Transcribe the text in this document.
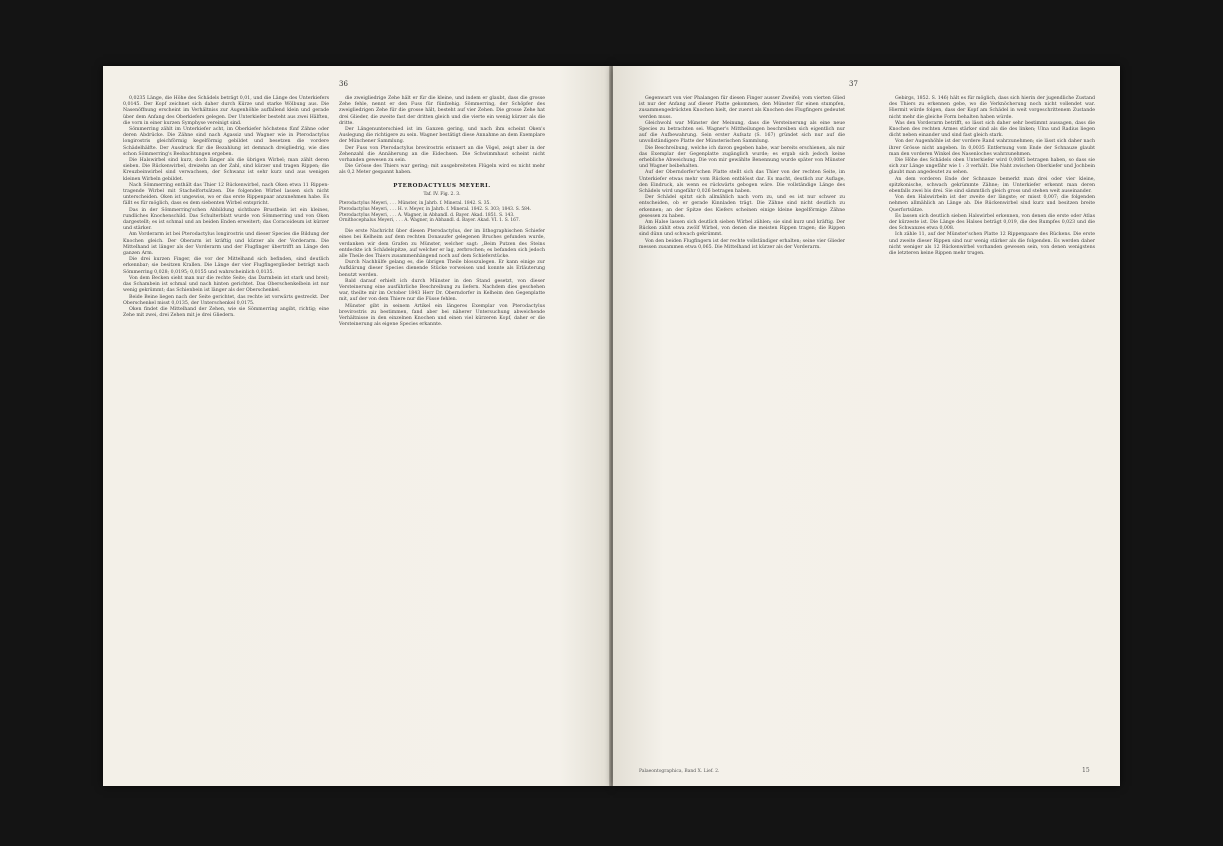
36

0,0235 Länge, die Höhe des Schädels beträgt 0,01, und die Länge des Unterkiefers 0,0145. Der Kopf zeichnet sich daher durch Kürze und starke Wölbung aus. Die Nasenöffnung erscheint im Verhältniss zur Augenhöhle auffallend klein und gerade über dem Anfang des Oberkiefers gelegen. Der Unterkiefer besteht aus zwei Hälften, die vorn in einer kurzen Symphyse vereinigt sind.

Sömmerring zählt im Unterkiefer acht, im Oberkiefer höchstens fünf Zähne oder deren Abdrücke. Die Zähne sind nach Agassiz und Wagner wie in Pterodactylus longirostris gleichförmig kegelförmig gebildet und besetzen die vordere Schädelhälfte. Der Ausdruck für die Bezahlung ist demnach dreigliedrig, wie dies schon Sömmerring's Beobachtungen ergeben.

Die Halswirbel sind kurz, doch länger als die übrigen Wirbel; man zählt deren sieben. Die Rückenwirbel, dreizehn an der Zahl, sind kürzer und tragen Rippen; die Kreuzbeinwirbel sind verwachsen, der Schwanz ist sehr kurz und aus wenigen kleinen Wirbeln gebildet.

Nach Sömmerring enthält das Thier 12 Rückenwirbel, nach Oken etwa 11 Rippen-tragende Wirbel mit Stachelfortsätzen. Die folgenden Wirbel lassen sich nicht unterscheiden. Oken ist ungewiss, wo er das erste Rippenpaar anzunehmen habe. Es fällt es für möglich, dass es dem siebenten Wirbel entspricht.

Das in der Sömmerring'schen Abbildung sichtbare Brustbein ist ein kleines, rundliches Knochenschild. Das Schulterblatt wurde von Sömmerring und von Oken dargestellt; es ist schmal und an beiden Enden erweitert; das Coracoideum ist kürzer und stärker.

Am Vorderarm ist bei Pterodactylus longirostris und dieser Species die Bildung der Knochen gleich. Der Oberarm ist kräftig und kürzer als der Vorderarm. Die Mittelhand ist länger als der Vorderarm und der Flugfinger übertrifft an Länge den ganzen Arm.

Die drei kurzen Finger, die vor der Mittelhand sich befinden, sind deutlich erkennbar; sie besitzen Krallen. Die Länge der vier Flugfingerglieder beträgt nach Sömmerring 0,028; 0,0195; 0,0155 und wahrscheinlich 0,0135.

Von dem Becken sieht man nur die rechte Seite; das Darmbein ist stark und breit; das Schambein ist schmal und nach hinten gerichtet. Das Oberschenkelbein ist nur wenig gekrümmt; das Schienbein ist länger als der Oberschenkel.

Beide Beine liegen nach der Seite gerichtet, das rechte ist vorwärts gestreckt. Der Oberschenkel misst 0,0135, der Unterschenkel 0,0175.

Oken findet die Mittelhand der Zehen, wie sie Sömmerring angibt, richtig; eine Zehe mit zwei, drei Zehen mit je drei Gliedern.

die zweigliedrige Zehe hält er für die kleine, und indem er glaubt, dass die grosse Zehe fehle, nennt er den Fuss für fünfzehig. Sömmerring, der Schöpfer des zweigliedrigen Zehe für die grosse hält, besteht auf vier Zehen. Die grosse Zehe hat drei Glieder, die zweite fast der dritten gleich und die vierte ein wenig kürzer als die dritte.

Der Längenunterschied ist im Ganzen gering, und nach ihm scheint Oken's Auslegung die richtigere zu sein. Wagner bestätigt diese Annahme an dem Exemplare der Münchener Sammlung.

Der Fuss von Pterodactylus brevirostris erinnert an die Vögel, zeigt aber in der Zehenzahl die Annäherung an die Eidechsen. Die Schwimmhaut scheint nicht vorhanden gewesen zu sein.

Die Grösse des Thiers war gering; mit ausgebreiteten Flügeln wird es nicht mehr als 0,2 Meter gespannt haben.

PTERODACTYLUS MEYERI.
Taf. IV. Fig. 2. 3.
Pterodactylus Meyeri, . . . Münster, in Jahrb. f. Mineral. 1842. S. 35.
Pterodactylus Meyeri, . . . H. v. Meyer, in Jahrb. f. Mineral. 1842. S. 303; 1843. S. 584.
Pterodactylus Meyeri, . . . A. Wagner, in Abhandl. d. Bayer. Akad. 1851. S. 143.
Ornithocephalus Meyeri, . . . A. Wagner, in Abhandl. d. Bayer. Akad. VI. 1. S. 167.

Die erste Nachricht über diesen Pterodactylus, der im lithographischen Schiefer eines bei Kelheim auf dem rechten Donauufer gelegenen Bruches gefunden wurde, verdanken wir dem Grafen zu Münster, welcher sagt: „Beim Putzen des Steins entdeckte ich Schädelspitze, auf welcher er lag, zerbrochen; es befanden sich jedoch alle Theile des Thiers zusammenhängend noch auf dem Schieferstücke.

Durch Nachhülfe gelang es, die übrigen Theile blosszulegen. Er kann einige zur Aufklärung dieser Species dienende Stücke vorweisen und konnte als Erläuterung benutzt werden.

Bald darauf erhielt ich durch Münster in den Stand gesetzt, von dieser Versteinerung eine ausführliche Beschreibung zu liefern. Nachdem dies geschehen war, theilte mir im October 1843 Herr Dr. Oberndorfer in Kelheim den Gegenplatte mit, auf der von dem Thiere nur die Füsse fehlen.

Münster gibt in seinem Artikel ein längeres Exemplar von Pterodactylus brevirostris zu bestimmen, fand aber bei näherer Untersuchung abweichende Verhältnisse in den einzelnen Knochen und einen viel kürzeren Kopf, daher er die Versteinerung als eigene Species erkannte.

37

Gegenwart von vier Phalangen für diesen Finger ausser Zweifel; vom vierten Glied ist nur der Anfang auf dieser Platte gekommen, den Münster für einen stumpfen, zusammengedrückten Knochen hielt, der zuerst als Knochen des Flugfingers gedeutet werden muss.

Gleichwohl war Münster der Meinung, dass die Versteinerung als eine neue Species zu betrachten sei. Wagner's Mittheilungen beschreiben sich eigentlich nur auf die Aufbewahrung. Sein erster Aufsatz (S. 167) gründet sich nur auf die unvollständigere Platte der Münsterischen Sammlung.

Die Beschreibung, welche ich davon gegeben habe, war bereits erschienen, als mir das Exemplar der Gegenplatte zugänglich wurde; es ergab sich jedoch keine erhebliche Abweichung. Die von mir gewählte Benennung wurde später von Münster und Wagner beibehalten.

Auf der Oberndorfer'schen Platte stellt sich das Thier von der rechten Seite, im Unterkiefer etwas mehr vom Rücken entblösst dar. Es macht, deutlich zur Auflage, den Eindruck, als wenn es rückwärts gebogen wäre. Die vollständige Länge des Schädels wird ungefähr 0,026 betragen haben.

Der Schädel spitzt sich allmählich nach vorn zu, und es ist nur schwer zu entscheiden, ob er gerade Kinnladen trägt. Die Zähne sind nicht deutlich zu erkennen; an der Spitze des Kiefers scheinen einige kleine kegelförmige Zähne gesessen zu haben.

Am Halse lassen sich deutlich sieben Wirbel zählen; sie sind kurz und kräftig. Der Rücken zählt etwa zwölf Wirbel, von denen die meisten Rippen tragen; die Rippen sind dünn und schwach gekrümmt.

Von den beiden Flugfingern ist der rechte vollständiger erhalten; seine vier Glieder messen zusammen etwa 0,065. Die Mittelhand ist kürzer als der Vorderarm.

Gebirgs, 1852. S. 146) hält es für möglich, dass sich hierin der jugendliche Zustand des Thiers zu erkennen gebe, wo die Verknöcherung noch nicht vollendet war. Hiermit würde folgen, dass der Kopf am Schädel in weit vorgeschrittenem Zustande nicht mehr die gleiche Form behalten haben würde.

Was den Vorderarm betrifft, so lässt sich daher sehr bestimmt aussagen, dass die Knochen des rechten Armes stärker sind als die des linken; Ulna und Radius liegen dicht neben einander und sind fast gleich stark.

Von der Augenhöhle ist der vordere Rand wahrzunehmen; sie lässt sich daher nach ihrer Grösse nicht angeben. In 0,0035 Entfernung vom Ende der Schnauze glaubt man den vorderen Winkel des Nasenloches wahrzunehmen.

Die Höhe des Schädels oben Unterkiefer wird 0,0085 betragen haben, so dass sie sich zur Länge ungefähr wie 1 : 3 verhält. Die Naht zwischen Oberkiefer und Jochbein glaubt man angedeutet zu sehen.

An dem vorderen Ende der Schnauze bemerkt man drei oder vier kleine, spitzkonische, schwach gekrümmte Zähne; im Unterkiefer erkennt man deren ebenfalls zwei bis drei. Sie sind sämmtlich gleich gross und stehen weit auseinander.

Von den Halswirbeln ist der zweite der längste; er misst 0,007; die folgenden nehmen allmählich an Länge ab. Die Rückenwirbel sind kurz und besitzen breite Querfortsätze.

Es lassen sich deutlich sieben Halswirbel erkennen, von denen die erste oder Atlas der kürzeste ist. Die Länge des Halses beträgt 0,019, die des Rumpfes 0,023 und die des Schwanzes etwa 0,008.

Ich zähle 11, auf der Münster'schen Platte 12 Rippenpaare des Rückens. Die erste und zweite dieser Rippen sind nur wenig stärker als die folgenden. Es werden daher nicht weniger als 12 Rückenwirbel vorhanden gewesen sein, von denen wenigstens die letzteren keine Rippen mehr trugen.

Palaeontographica, Band X. Lief. 2.	15
